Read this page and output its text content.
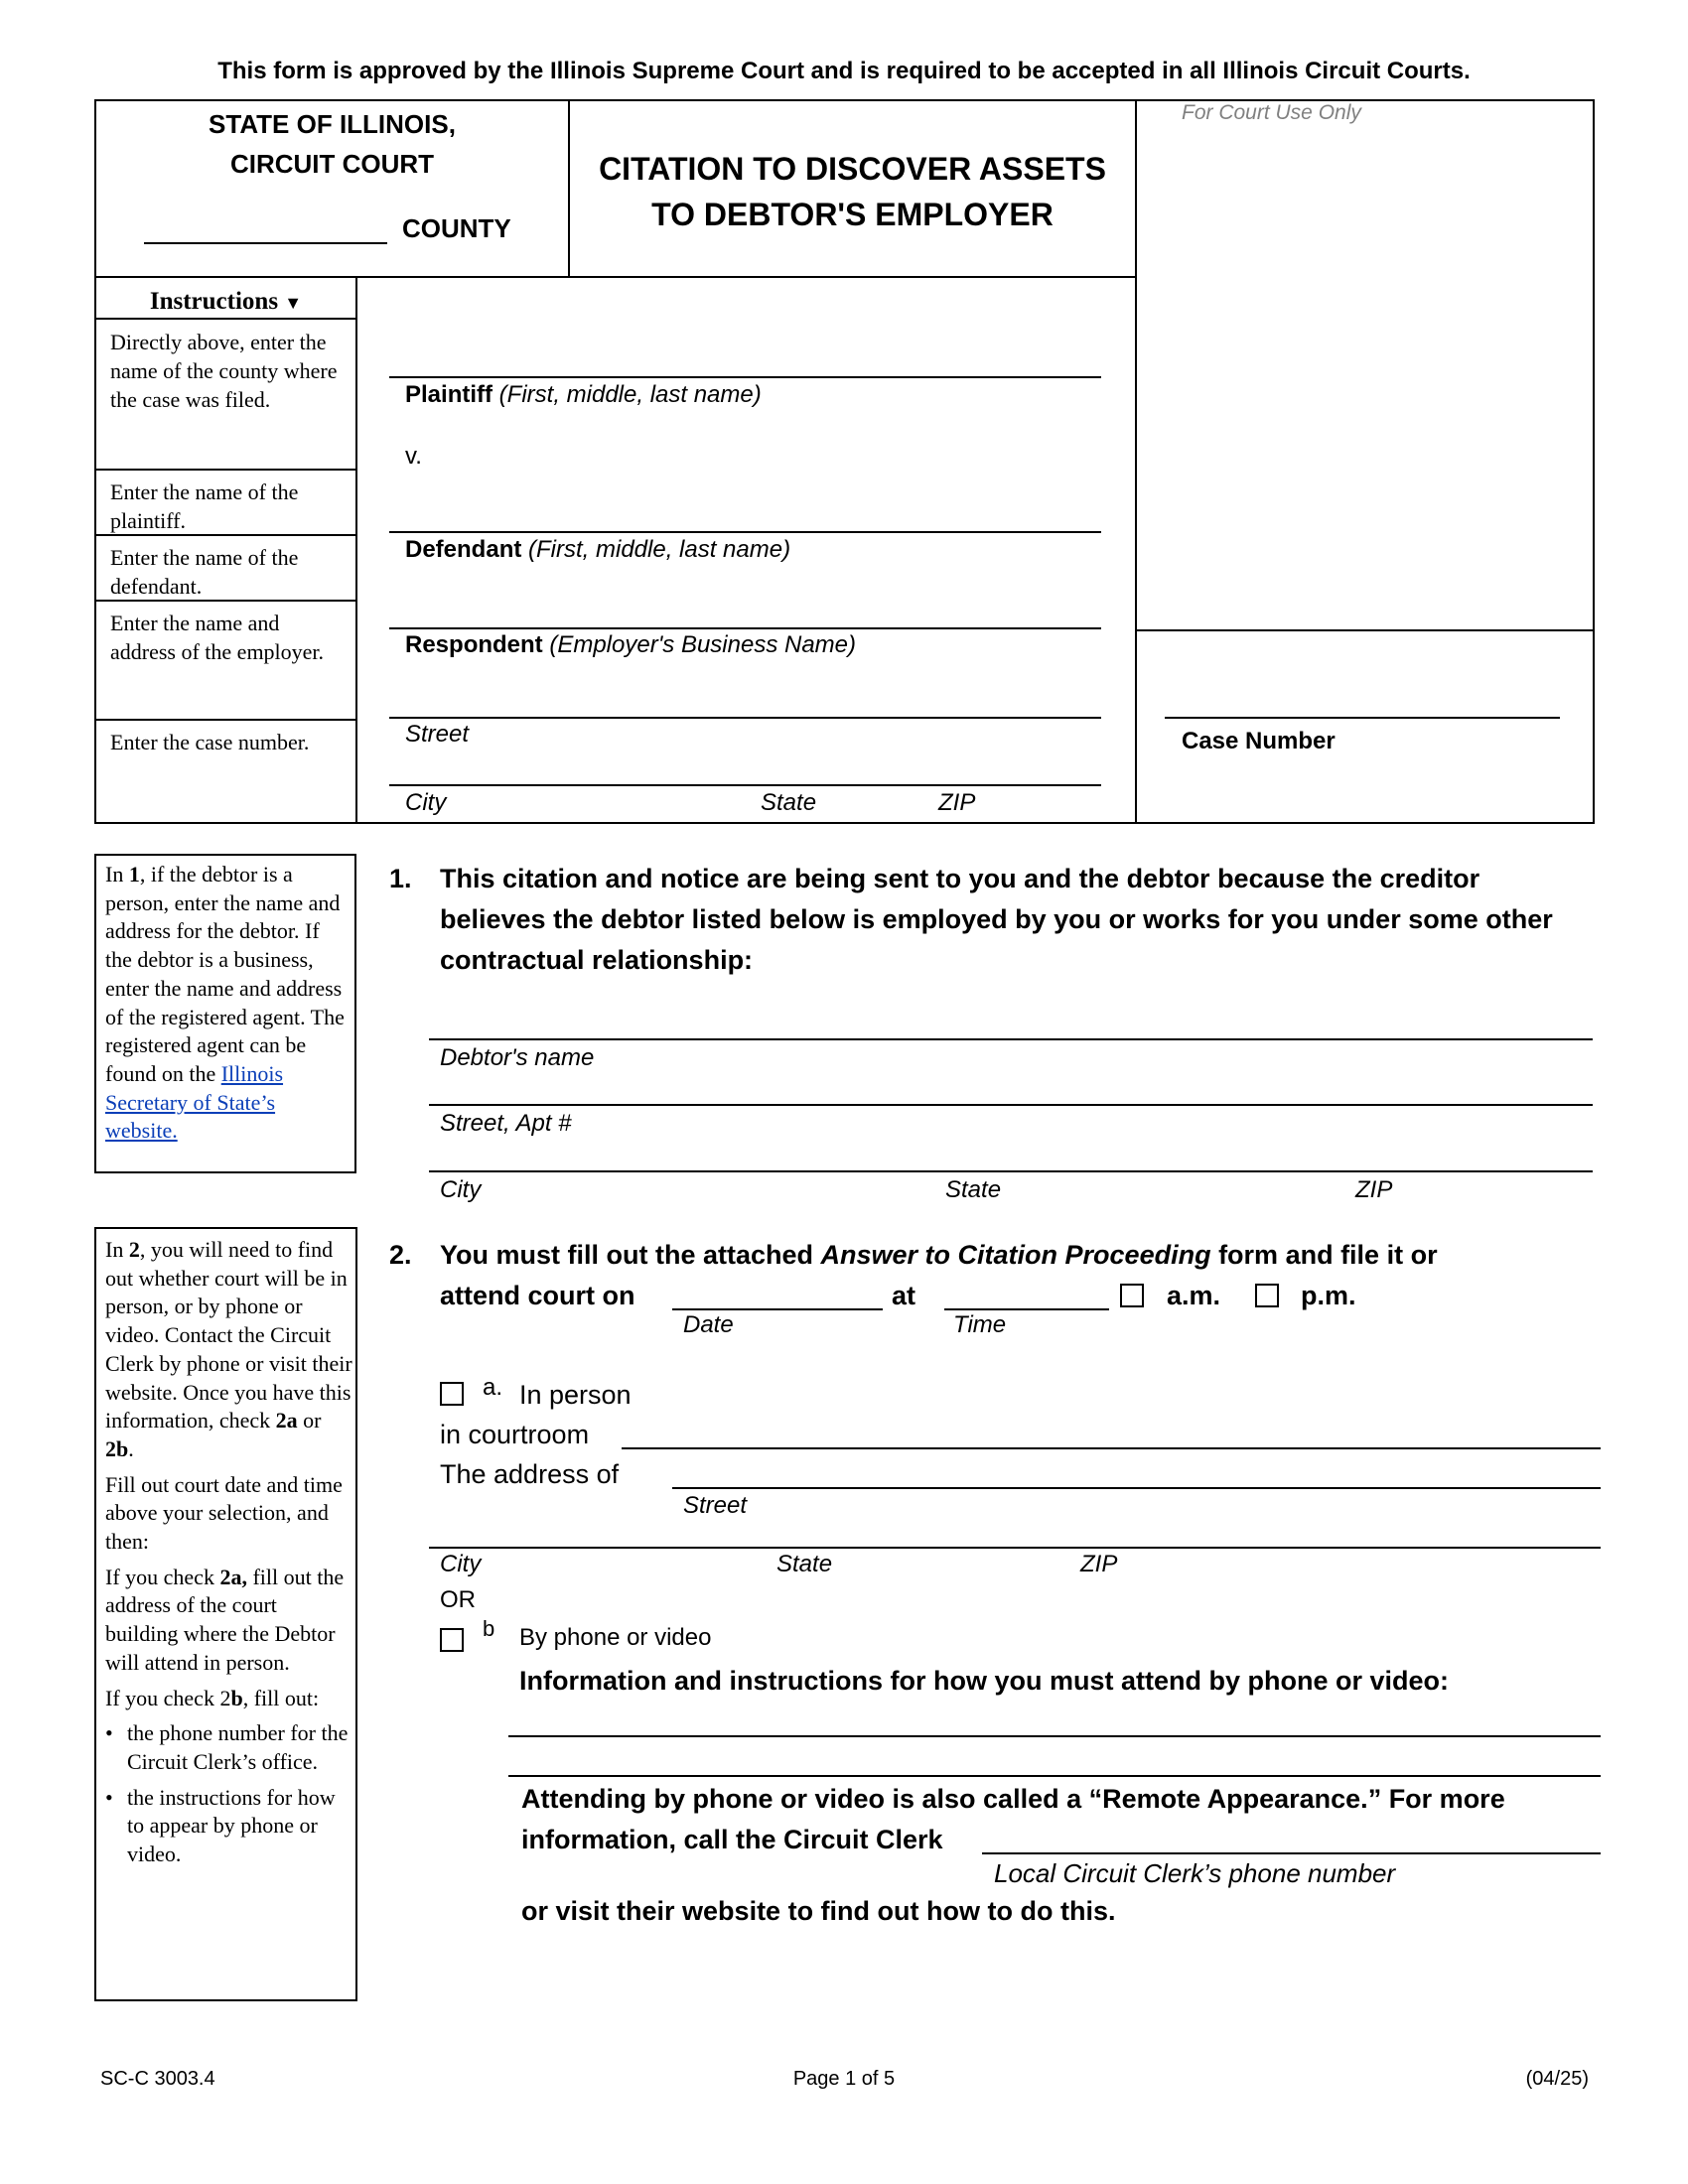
This form is approved by the Illinois Supreme Court and is required to be accepted in all Illinois Circuit Courts.
STATE OF ILLINOIS,
CIRCUIT COURT
COUNTY
CITATION TO DISCOVER ASSETS
TO DEBTOR'S EMPLOYER
For Court Use Only
Instructions ▼
Directly above, enter the name of the county where the case was filed.
Enter the name of the plaintiff.
Enter the name of the defendant.
Enter the name and address of the employer.
Enter the case number.
Plaintiff (First, middle, last name)
v.
Defendant (First, middle, last name)
Respondent (Employer's Business Name)
Street
City	State	ZIP
Case Number
In 1, if the debtor is a person, enter the name and address for the debtor. If the debtor is a business, enter the name and address of the registered agent. The registered agent can be found on the Illinois Secretary of State’s website.
1. This citation and notice are being sent to you and the debtor because the creditor believes the debtor listed below is employed by you or works for you under some other contractual relationship:
Debtor's name
Street, Apt #
City	State	ZIP
In 2, you will need to find out whether court will be in person, or by phone or video. Contact the Circuit Clerk by phone or visit their website. Once you have this information, check 2a or 2b.
Fill out court date and time above your selection, and then:
If you check 2a, fill out the address of the court building where the Debtor will attend in person.
If you check 2b, fill out:
• the phone number for the Circuit Clerk’s office.
• the instructions for how to appear by phone or video.
2. You must fill out the attached Answer to Citation Proceeding form and file it or
attend court on
Date
at
Time
a.m.	p.m.
a. In person
in courtroom
The address of
Street
City	State	ZIP
OR
b By phone or video
Information and instructions for how you must attend by phone or video:
Attending by phone or video is also called a “Remote Appearance.” For more
information, call the Circuit Clerk
Local Circuit Clerk’s phone number
or visit their website to find out how to do this.
SC-C 3003.4	Page 1 of 5	(04/25)
